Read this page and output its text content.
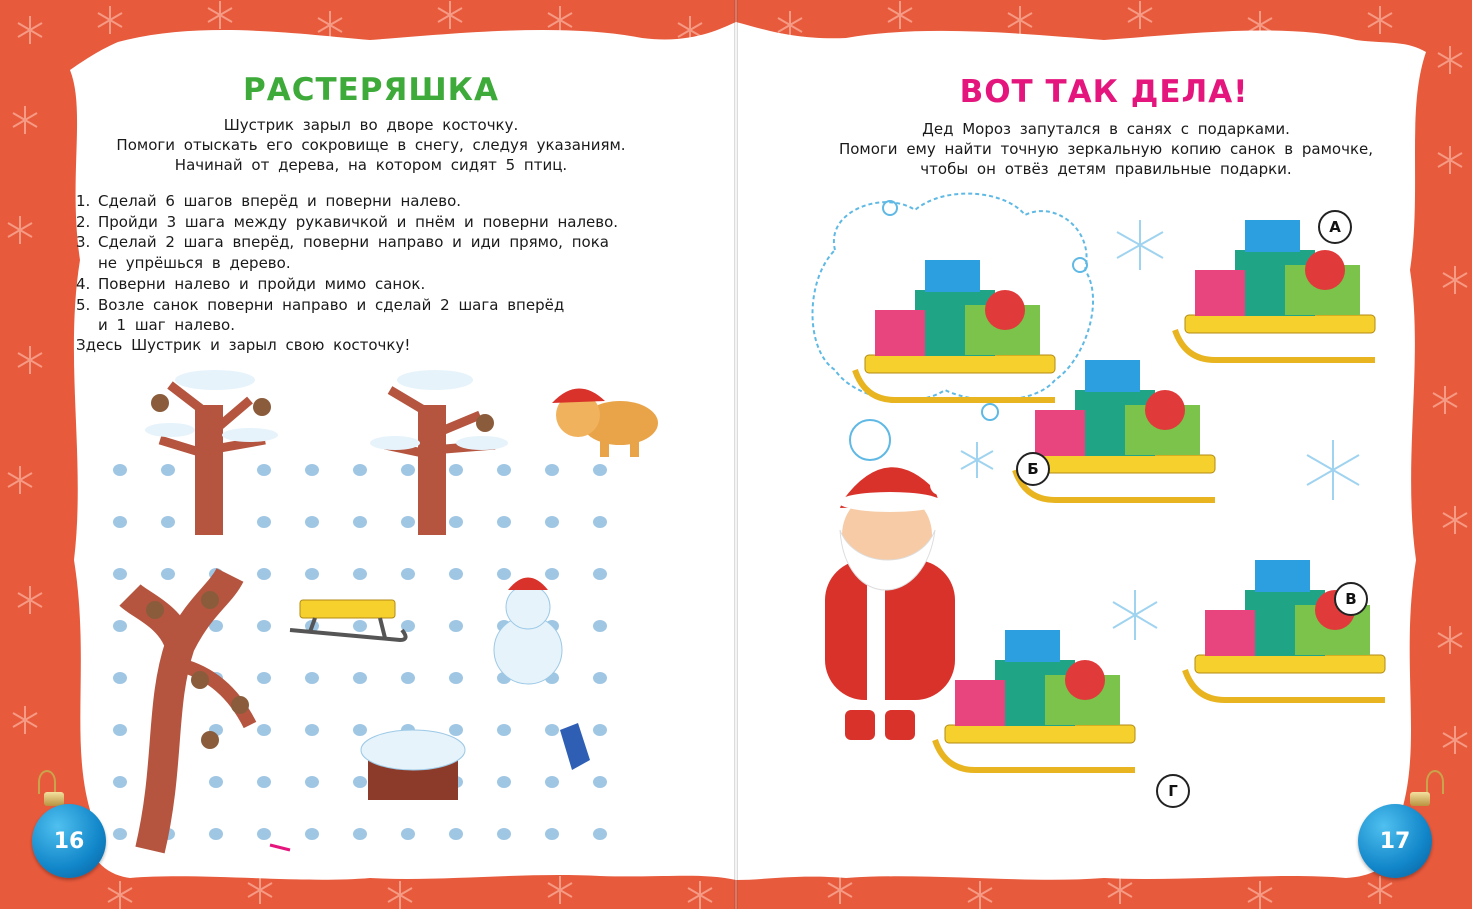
РАСТЕРЯШКА
Шустрик зарыл во дворе косточку.
Помоги отыскать его сокровище в снегу, следуя указаниям.
Начинай от дерева, на котором сидят 5 птиц.
1. Сделай 6 шагов вперёд и поверни налево.
2. Пройди 3 шага между рукавичкой и пнём и поверни налево.
3. Сделай 2 шага вперёд, поверни направо и иди прямо, пока
не упрёшься в дерево.
4. Поверни налево и пройди мимо санок.
5. Возле санок поверни направо и сделай 2 шага вперёд
и 1 шаг налево.
Здесь Шустрик и зарыл свою косточку!
ВОТ ТАК ДЕЛА!
Дед Мороз запутался в санях с подарками.
Помоги ему найти точную зеркальную копию санок в рамочке,
чтобы он отвёз детям правильные подарки.
А
Б
В
Г
16	17
